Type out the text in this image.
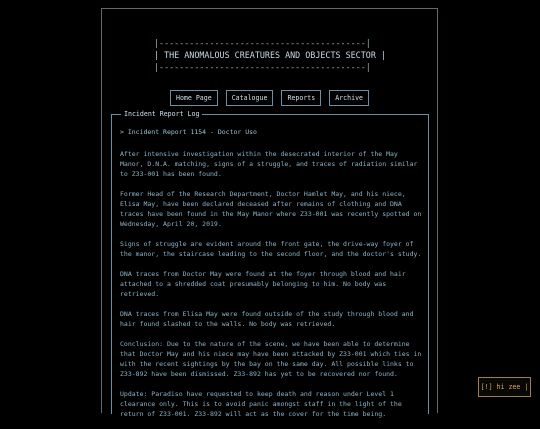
|-----------------------------------------|
| THE ANOMALOUS CREATURES AND OBJECTS SECTOR |
|-----------------------------------------|
Home Page	Catalogue	Reports	Archive
Incident Report Log
> Incident Report 1154 - Doctor Uso

After intensive investigation within the desecrated interior of the May Manor, D.N.A. matching, signs of a struggle, and traces of radiation similar to Z33-001 has been found.

Former Head of the Research Department, Doctor Hamlet May, and his niece, Elisa May, have been declared deceased after remains of clothing and DNA traces have been found in the May Manor where Z33-001 was recently spotted on Wednesday, April 20, 2019.

Signs of struggle are evident around the front gate, the drive-way foyer of the manor, the staircase leading to the second floor, and the doctor's study.

DNA traces from Doctor May were found at the foyer through blood and hair attached to a shredded coat presumably belonging to him. No body was retrieved.

DNA traces from Elisa May were found outside of the study through blood and hair found slashed to the walls. No body was retrieved.

Conclusion: Due to the nature of the scene, we have been able to determine that Doctor May and his niece may have been attacked by Z33-001 which ties in with the recent sightings by the bay on the same day. All possible links to Z33-892 have been dismissed. Z33-892 has yet to be recovered nor found.

Update: Paradiso have requested to keep death and reason under Level 1 clearance only. This is to avoid panic amongst staff in the light of the return of Z33-001. Z33-892 will act as the cover for the time being.

[!] hi zee |
